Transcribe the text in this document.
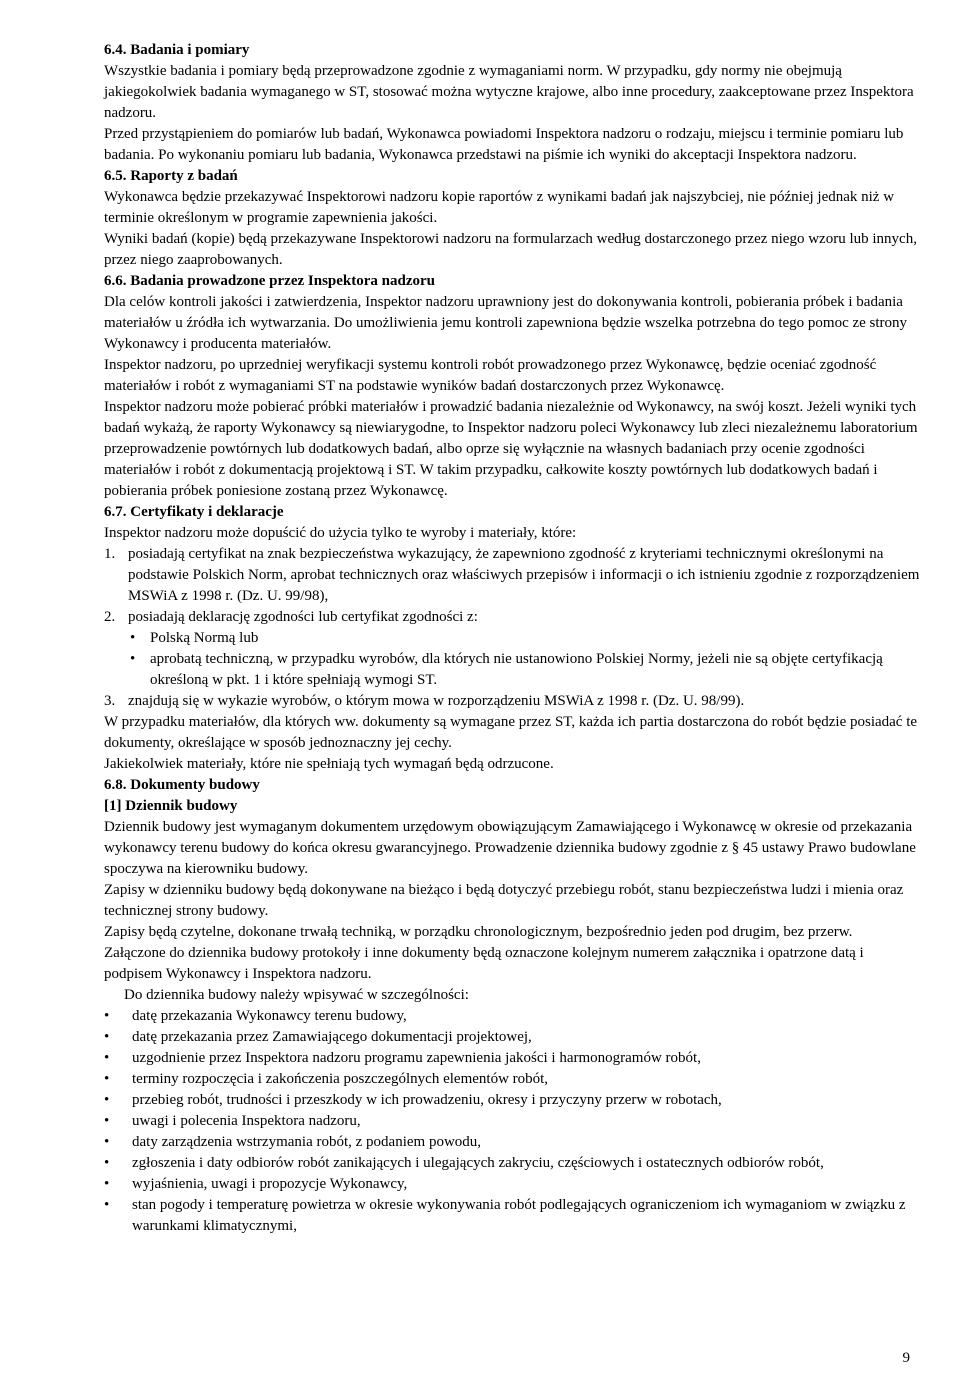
6.4. Badania i pomiary

Wszystkie badania i pomiary będą przeprowadzone zgodnie z wymaganiami norm. W przypadku, gdy normy nie obejmują jakiegokolwiek badania wymaganego w ST, stosować można wytyczne krajowe, albo inne procedury, zaakceptowane przez Inspektora nadzoru.

Przed przystąpieniem do pomiarów lub badań, Wykonawca powiadomi Inspektora nadzoru o rodzaju, miejscu i terminie pomiaru lub badania. Po wykonaniu pomiaru lub badania, Wykonawca przedstawi na piśmie ich wyniki do akceptacji Inspektora nadzoru.

6.5. Raporty z badań

Wykonawca będzie przekazywać Inspektorowi nadzoru kopie raportów z wynikami badań jak najszybciej, nie później jednak niż w terminie określonym w programie zapewnienia jakości.

Wyniki badań (kopie) będą przekazywane Inspektorowi nadzoru na formularzach według dostarczonego przez niego wzoru lub innych, przez niego zaaprobowanych.

6.6. Badania prowadzone przez Inspektora nadzoru

Dla celów kontroli jakości i zatwierdzenia, Inspektor nadzoru uprawniony jest do dokonywania kontroli, pobierania próbek i badania materiałów u źródła ich wytwarzania. Do umożliwienia jemu kontroli zapewniona będzie wszelka potrzebna do tego pomoc ze strony Wykonawcy i producenta materiałów.

Inspektor nadzoru, po uprzedniej weryfikacji systemu kontroli robót prowadzonego przez Wykonawcę, będzie oceniać zgodność materiałów i robót z wymaganiami ST na podstawie wyników badań dostarczonych przez Wykonawcę.

Inspektor nadzoru może pobierać próbki materiałów i prowadzić badania niezależnie od Wykonawcy, na swój koszt. Jeżeli wyniki tych badań wykażą, że raporty Wykonawcy są niewiarygodne, to Inspektor nadzoru poleci Wykonawcy lub zleci niezależnemu laboratorium przeprowadzenie powtórnych lub dodatkowych badań, albo oprze się wyłącznie na własnych badaniach przy ocenie zgodności materiałów i robót z dokumentacją projektową i ST. W takim przypadku, całkowite koszty powtórnych lub dodatkowych badań i pobierania próbek poniesione zostaną przez Wykonawcę.

6.7. Certyfikaty i deklaracje

Inspektor nadzoru może dopuścić do użycia tylko te wyroby i materiały, które:

1. posiadają certyfikat na znak bezpieczeństwa wykazujący, że zapewniono zgodność z kryteriami technicznymi określonymi na podstawie Polskich Norm, aprobat technicznych oraz właściwych przepisów i informacji o ich istnieniu zgodnie z rozporządzeniem MSWiA z 1998 r. (Dz. U. 99/98),
2. posiadają deklarację zgodności lub certyfikat zgodności z:
• Polską Normą lub
• aprobatą techniczną, w przypadku wyrobów, dla których nie ustanowiono Polskiej Normy, jeżeli nie są objęte certyfikacją określoną w pkt. 1 i które spełniają wymogi ST.
3. znajdują się w wykazie wyrobów, o którym mowa w rozporządzeniu MSWiA z 1998 r. (Dz. U. 98/99).

W przypadku materiałów, dla których ww. dokumenty są wymagane przez ST, każda ich partia dostarczona do robót będzie posiadać te dokumenty, określające w sposób jednoznaczny jej cechy.

Jakiekolwiek materiały, które nie spełniają tych wymagań będą odrzucone.

6.8. Dokumenty budowy

[1] Dziennik budowy

Dziennik budowy jest wymaganym dokumentem urzędowym obowiązującym Zamawiającego i Wykonawcę w okresie od przekazania wykonawcy terenu budowy do końca okresu gwarancyjnego. Prowadzenie dziennika budowy zgodnie z § 45 ustawy Prawo budowlane spoczywa na kierowniku budowy.

Zapisy w dzienniku budowy będą dokonywane na bieżąco i będą dotyczyć przebiegu robót, stanu bezpieczeństwa ludzi i mienia oraz technicznej strony budowy.

Zapisy będą czytelne, dokonane trwałą techniką, w porządku chronologicznym, bezpośrednio jeden pod drugim, bez przerw.

Załączone do dziennika budowy protokoły i inne dokumenty będą oznaczone kolejnym numerem załącznika i opatrzone datą i podpisem Wykonawcy i Inspektora nadzoru.

Do dziennika budowy należy wpisywać w szczególności:

• datę przekazania Wykonawcy terenu budowy,
• datę przekazania przez Zamawiającego dokumentacji projektowej,
• uzgodnienie przez Inspektora nadzoru programu zapewnienia jakości i harmonogramów robót,
• terminy rozpoczęcia i zakończenia poszczególnych elementów robót,
• przebieg robót, trudności i przeszkody w ich prowadzeniu, okresy i przyczyny przerw w robotach,
• uwagi i polecenia Inspektora nadzoru,
• daty zarządzenia wstrzymania robót, z podaniem powodu,
• zgłoszenia i daty odbiorów robót zanikających i ulegających zakryciu, częściowych i ostatecznych odbiorów robót,
• wyjaśnienia, uwagi i propozycje Wykonawcy,
• stan pogody i temperaturę powietrza w okresie wykonywania robót podlegających ograniczeniom ich wymaganiom w związku z warunkami klimatycznymi,
9
